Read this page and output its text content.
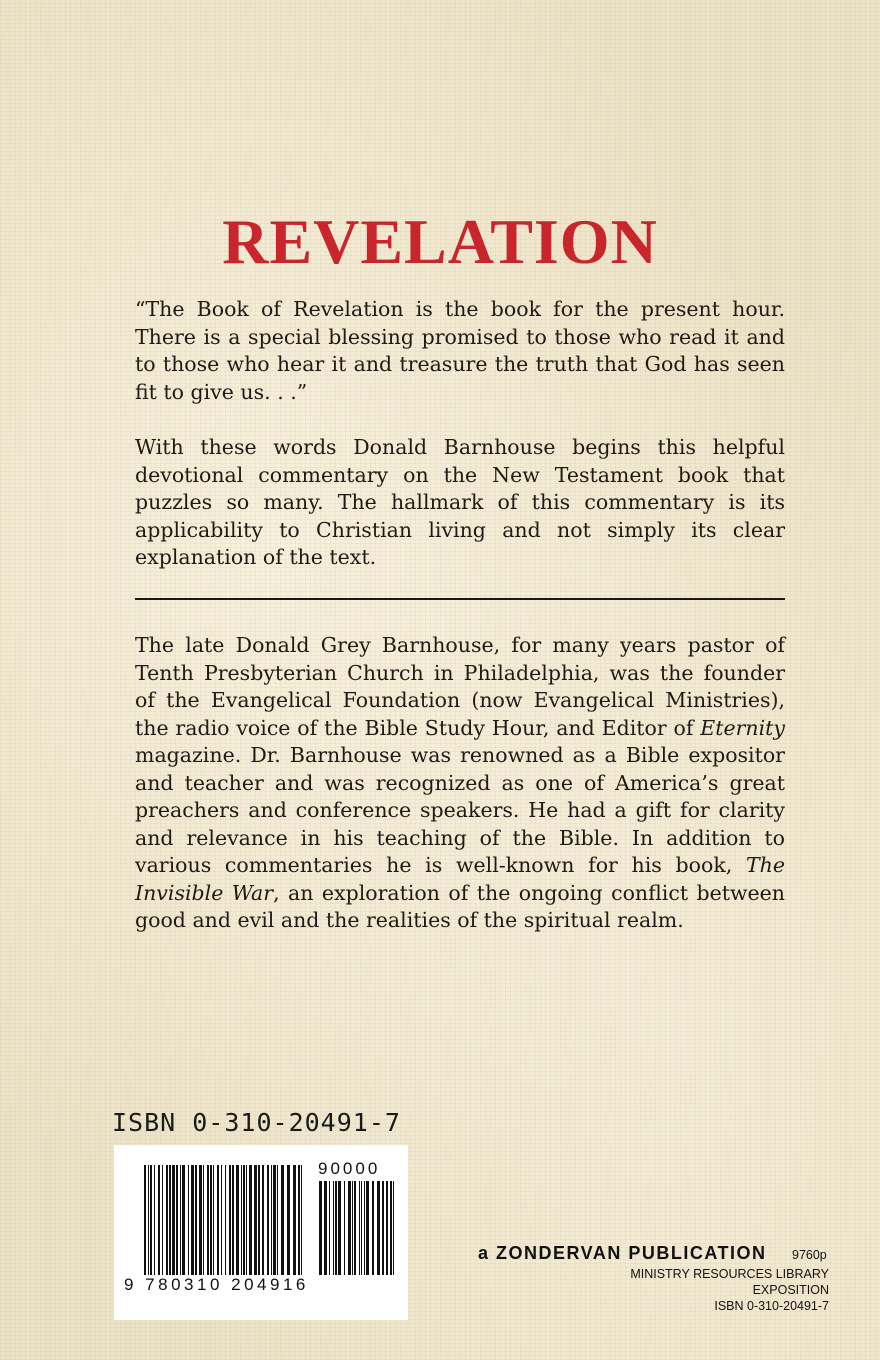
REVELATION

“The Book of Revelation is the book for the present hour. There is a special blessing promised to those who read it and to those who hear it and treasure the truth that God has seen fit to give us. . .”

With these words Donald Barnhouse begins this helpful devotional commentary on the New Testament book that puzzles so many. The hallmark of this commentary is its applicability to Christian living and not simply its clear explanation of the text.

The late Donald Grey Barnhouse, for many years pastor of Tenth Presbyterian Church in Philadelphia, was the founder of the Evangelical Foundation (now Evangelical Ministries), the radio voice of the Bible Study Hour, and Editor of Eternity magazine. Dr. Barnhouse was renowned as a Bible expositor and teacher and was recognized as one of America’s great preachers and conference speakers. He had a gift for clarity and relevance in his teaching of the Bible. In addition to various commentaries he is well-known for his book, The Invisible War, an exploration of the ongoing conflict between good and evil and the realities of the spiritual realm.

ISBN 0-310-20491-7
90000
9 780310 204916
a ZONDERVAN PUBLICATION 9760p
MINISTRY RESOURCES LIBRARY
EXPOSITION
ISBN 0-310-20491-7
